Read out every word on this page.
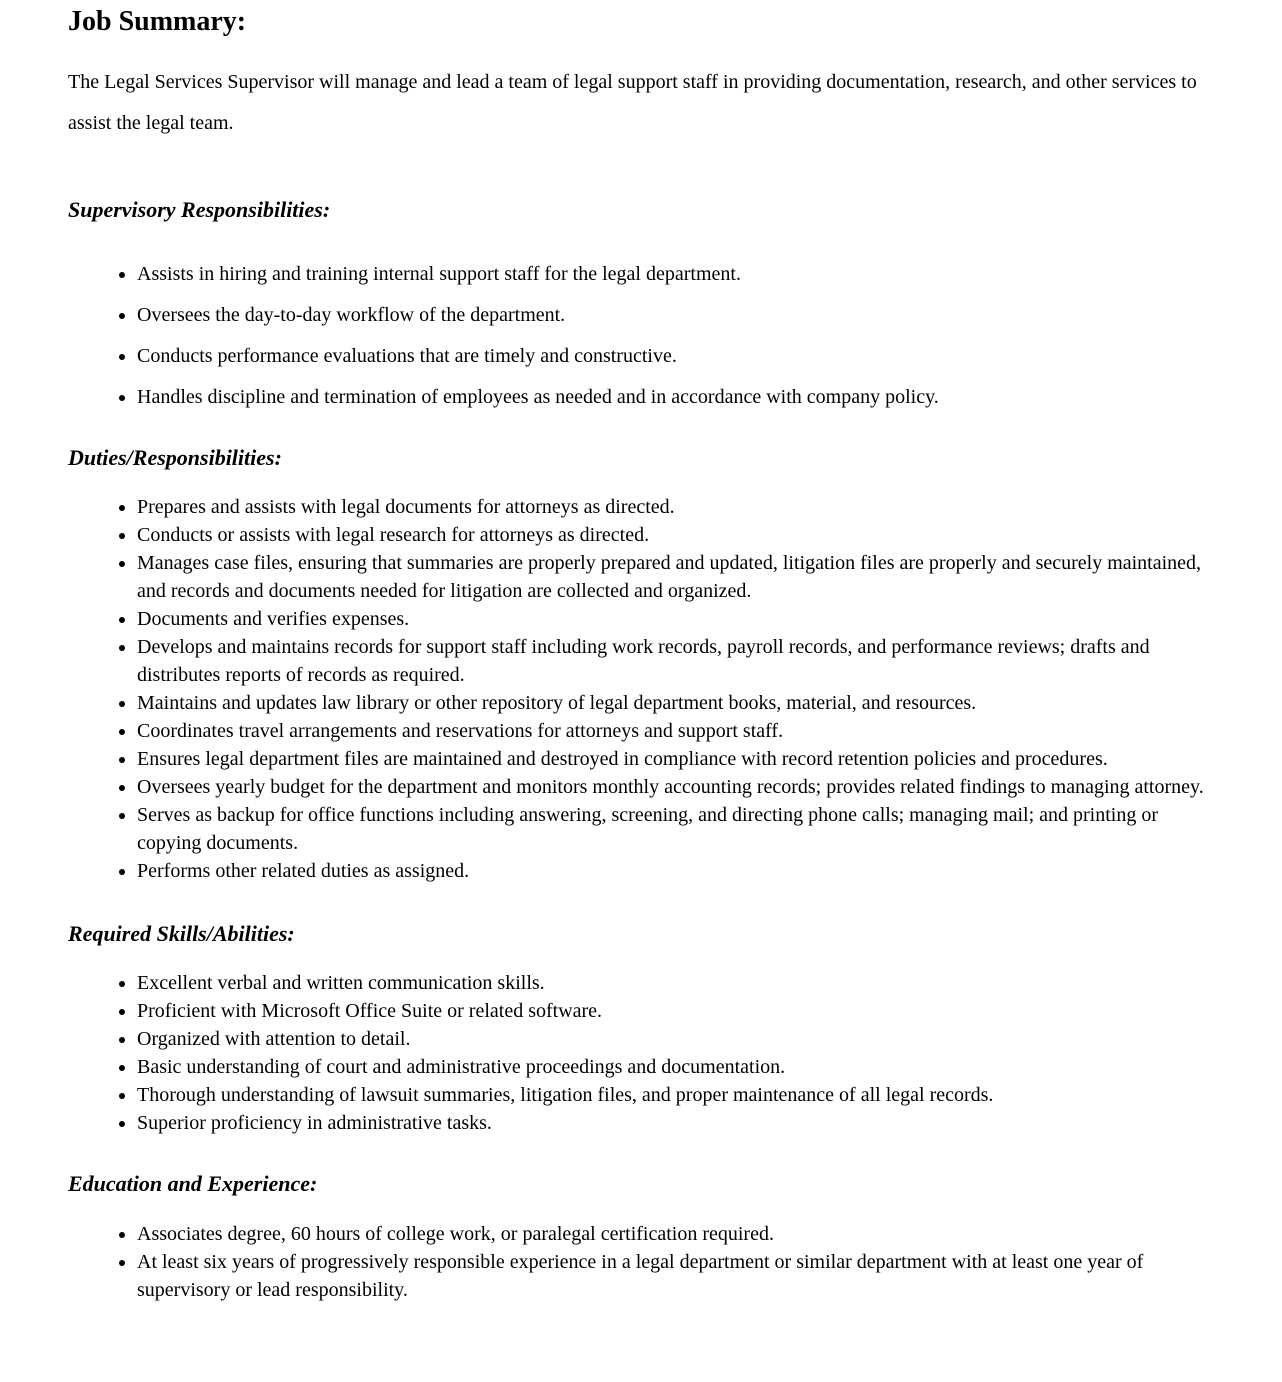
Job Summary:

The Legal Services Supervisor will manage and lead a team of legal support staff in providing documentation, research, and other services to assist the legal team.

Supervisory Responsibilities:
• Assists in hiring and training internal support staff for the legal department.
• Oversees the day-to-day workflow of the department.
• Conducts performance evaluations that are timely and constructive.
• Handles discipline and termination of employees as needed and in accordance with company policy.
Duties/Responsibilities:
• Prepares and assists with legal documents for attorneys as directed.
• Conducts or assists with legal research for attorneys as directed.
• Manages case files, ensuring that summaries are properly prepared and updated, litigation files are properly and securely maintained, and records and documents needed for litigation are collected and organized.
• Documents and verifies expenses.
• Develops and maintains records for support staff including work records, payroll records, and performance reviews; drafts and distributes reports of records as required.
• Maintains and updates law library or other repository of legal department books, material, and resources.
• Coordinates travel arrangements and reservations for attorneys and support staff.
• Ensures legal department files are maintained and destroyed in compliance with record retention policies and procedures.
• Oversees yearly budget for the department and monitors monthly accounting records; provides related findings to managing attorney.
• Serves as backup for office functions including answering, screening, and directing phone calls; managing mail; and printing or copying documents.
• Performs other related duties as assigned.
Required Skills/Abilities:
• Excellent verbal and written communication skills.
• Proficient with Microsoft Office Suite or related software.
• Organized with attention to detail.
• Basic understanding of court and administrative proceedings and documentation.
• Thorough understanding of lawsuit summaries, litigation files, and proper maintenance of all legal records.
• Superior proficiency in administrative tasks.
Education and Experience:
• Associates degree, 60 hours of college work, or paralegal certification required.
• At least six years of progressively responsible experience in a legal department or similar department with at least one year of supervisory or lead responsibility.
